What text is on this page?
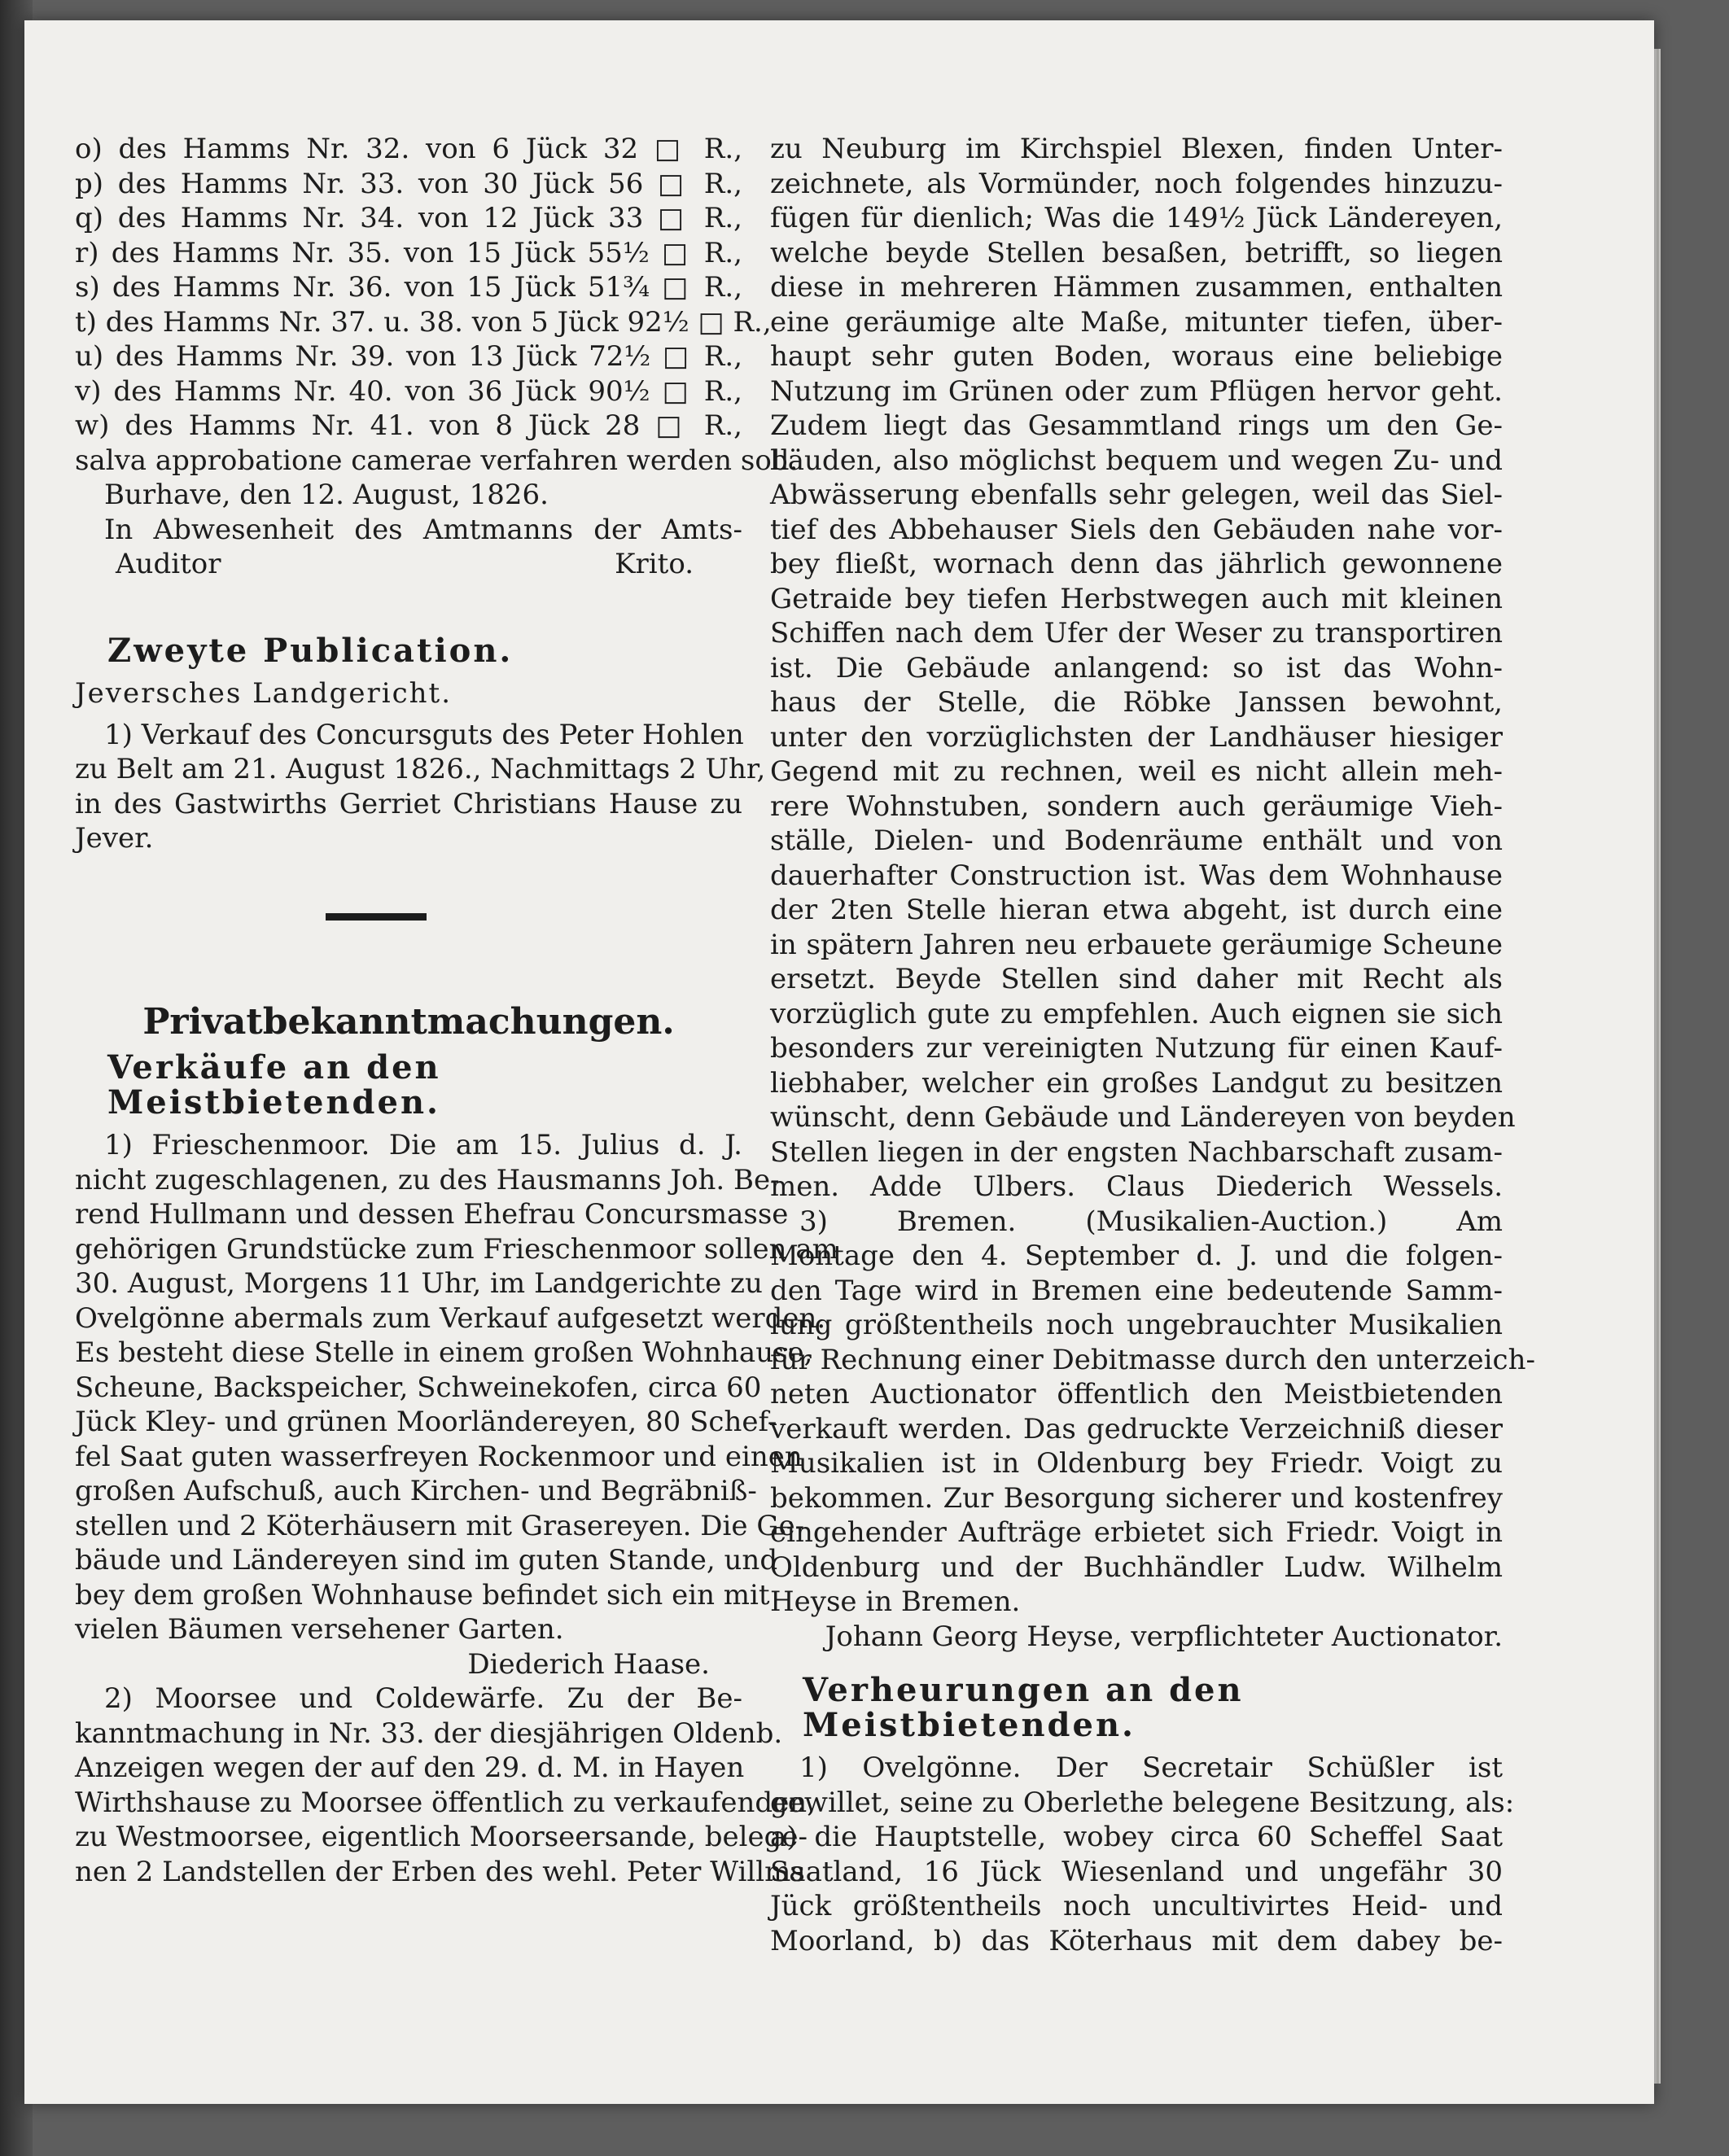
o) des Hamms Nr. 32. von 6 Jück 32 □ R.,
p) des Hamms Nr. 33. von 30 Jück 56 □ R.,
q) des Hamms Nr. 34. von 12 Jück 33 □ R.,
r) des Hamms Nr. 35. von 15 Jück 55½ □ R.,
s) des Hamms Nr. 36. von 15 Jück 51¾ □ R.,
t) des Hamms Nr. 37. u. 38. von 5 Jück 92½ □ R.,
u) des Hamms Nr. 39. von 13 Jück 72½ □ R.,
v) des Hamms Nr. 40. von 36 Jück 90½ □ R.,
w) des Hamms Nr. 41. von 8 Jück 28 □ R.,
salva approbatione camerae verfahren werden soll.
Burhave, den 12. August, 1826.
In Abwesenheit des Amtmanns der Amts-
Auditor	Krito.
Zweyte Publication.
Jeversches Landgericht.
1) Verkauf des Concursguts des Peter Hohlen
zu Belt am 21. August 1826., Nachmittags 2 Uhr,
in des Gastwirths Gerriet Christians Hause zu
Jever.
Privatbekanntmachungen.
Verkäufe an den Meistbietenden.
1) Frieschenmoor. Die am 15. Julius d. J.
nicht zugeschlagenen, zu des Hausmanns Joh. Be-
rend Hullmann und dessen Ehefrau Concursmasse
gehörigen Grundstücke zum Frieschenmoor sollen am
30. August, Morgens 11 Uhr, im Landgerichte zu
Ovelgönne abermals zum Verkauf aufgesetzt werden.
Es besteht diese Stelle in einem großen Wohnhause,
Scheune, Backspeicher, Schweinekofen, circa 60
Jück Kley- und grünen Moorländereyen, 80 Schef-
fel Saat guten wasserfreyen Rockenmoor und einen
großen Aufschuß, auch Kirchen- und Begräbniß-
stellen und 2 Köterhäusern mit Grasereyen. Die Ge-
bäude und Ländereyen sind im guten Stande, und
bey dem großen Wohnhause befindet sich ein mit
vielen Bäumen versehener Garten.
Diederich Haase.
2) Moorsee und Coldewärfe. Zu der Be-
kanntmachung in Nr. 33. der diesjährigen Oldenb.
Anzeigen wegen der auf den 29. d. M. in Hayen
Wirthshause zu Moorsee öffentlich zu verkaufenden,
zu Westmoorsee, eigentlich Moorseersande, belege-
nen 2 Landstellen der Erben des wehl. Peter Willms
zu Neuburg im Kirchspiel Blexen, finden Unter-
zeichnete, als Vormünder, noch folgendes hinzuzu-
fügen für dienlich; Was die 149½ Jück Ländereyen,
welche beyde Stellen besaßen, betrifft, so liegen
diese in mehreren Hämmen zusammen, enthalten
eine geräumige alte Maße, mitunter tiefen, über-
haupt sehr guten Boden, woraus eine beliebige
Nutzung im Grünen oder zum Pflügen hervor geht.
Zudem liegt das Gesammtland rings um den Ge-
bäuden, also möglichst bequem und wegen Zu- und
Abwässerung ebenfalls sehr gelegen, weil das Siel-
tief des Abbehauser Siels den Gebäuden nahe vor-
bey fließt, wornach denn das jährlich gewonnene
Getraide bey tiefen Herbstwegen auch mit kleinen
Schiffen nach dem Ufer der Weser zu transportiren
ist. Die Gebäude anlangend: so ist das Wohn-
haus der Stelle, die Röbke Janssen bewohnt,
unter den vorzüglichsten der Landhäuser hiesiger
Gegend mit zu rechnen, weil es nicht allein meh-
rere Wohnstuben, sondern auch geräumige Vieh-
ställe, Dielen- und Bodenräume enthält und von
dauerhafter Construction ist. Was dem Wohnhause
der 2ten Stelle hieran etwa abgeht, ist durch eine
in spätern Jahren neu erbauete geräumige Scheune
ersetzt. Beyde Stellen sind daher mit Recht als
vorzüglich gute zu empfehlen. Auch eignen sie sich
besonders zur vereinigten Nutzung für einen Kauf-
liebhaber, welcher ein großes Landgut zu besitzen
wünscht, denn Gebäude und Ländereyen von beyden
Stellen liegen in der engsten Nachbarschaft zusam-
men. Adde Ulbers. Claus Diederich Wessels.
3) Bremen. (Musikalien-Auction.) Am
Montage den 4. September d. J. und die folgen-
den Tage wird in Bremen eine bedeutende Samm-
lung größtentheils noch ungebrauchter Musikalien
für Rechnung einer Debitmasse durch den unterzeich-
neten Auctionator öffentlich den Meistbietenden
verkauft werden. Das gedruckte Verzeichniß dieser
Musikalien ist in Oldenburg bey Friedr. Voigt zu
bekommen. Zur Besorgung sicherer und kostenfrey
eingehender Aufträge erbietet sich Friedr. Voigt in
Oldenburg und der Buchhändler Ludw. Wilhelm
Heyse in Bremen.
Johann Georg Heyse, verpflichteter Auctionator.
Verheurungen an den Meistbietenden.
1) Ovelgönne. Der Secretair Schüßler ist
gewillet, seine zu Oberlethe belegene Besitzung, als:
a) die Hauptstelle, wobey circa 60 Scheffel Saat
Saatland, 16 Jück Wiesenland und ungefähr 30
Jück größtentheils noch uncultivirtes Heid- und
Moorland, b) das Köterhaus mit dem dabey be-
